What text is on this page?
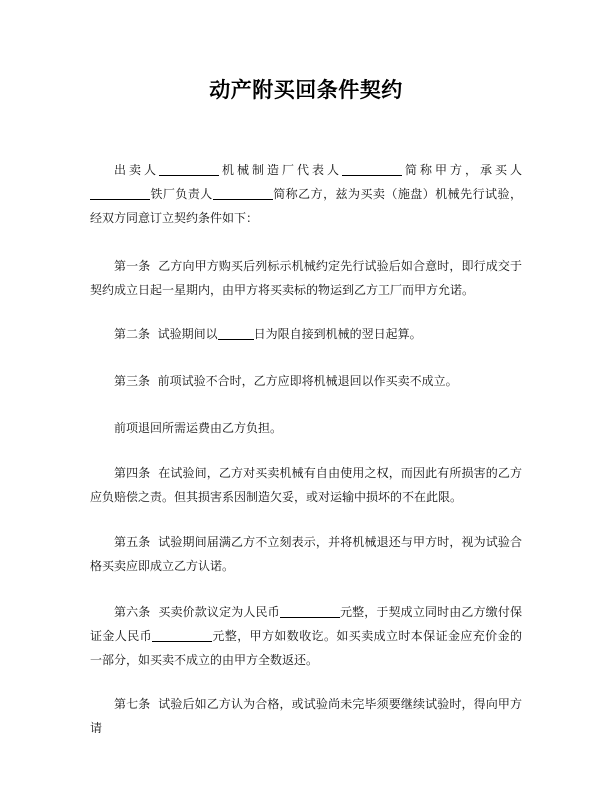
动产附买回条件契约

出卖人	机械制造厂代表人	简称甲方，承买人铁厂负责人	简称乙方，兹为买卖（施盘）机械先行试验，经双方同意订立契约条件如下：

第一条 乙方向甲方购买后列标示机械约定先行试验后如合意时，即行成交于契约成立日起一星期内，由甲方将买卖标的物运到乙方工厂而甲方允诺。

第二条 试验期间以	日为限自接到机械的翌日起算。

第三条 前项试验不合时，乙方应即将机械退回以作买卖不成立。

前项退回所需运费由乙方负担。

第四条 在试验间，乙方对买卖机械有自由使用之权，而因此有所损害的乙方应负赔偿之责。但其损害系因制造欠妥，或对运输中损坏的不在此限。

第五条 试验期间届满乙方不立刻表示，并将机械退还与甲方时，视为试验合格买卖应即成立乙方认诺。

第六条 买卖价款议定为人民币	元整，于契成立同时由乙方缴付保证金人民币	元整，甲方如数收讫。如买卖成立时本保证金应充价金的一部分，如买卖不成立的由甲方全数返还。

第七条 试验后如乙方认为合格，或试验尚未完毕须要继续试验时，得向甲方请
